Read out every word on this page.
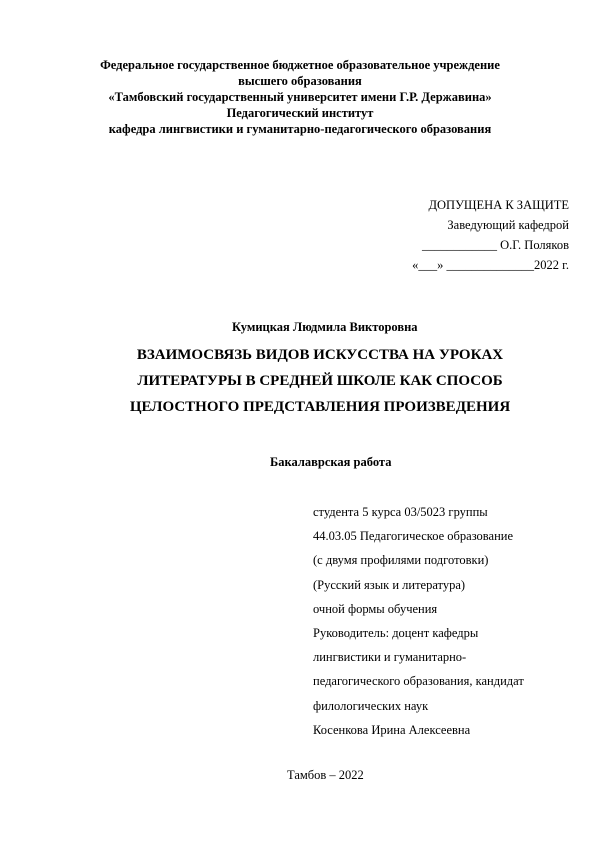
Федеральное государственное бюджетное образовательное учреждение
высшего образования
«Тамбовский государственный университет имени Г.Р. Державина»
Педагогический институт
кафедра лингвистики и гуманитарно-педагогического образования
ДОПУЩЕНА К ЗАЩИТЕ
Заведующий кафедрой
____________ О.Г. Поляков
«___» ______________2022 г.
Кумицкая Людмила Викторовна
ВЗАИМОСВЯЗЬ ВИДОВ ИСКУССТВА НА УРОКАХ
ЛИТЕРАТУРЫ В СРЕДНЕЙ ШКОЛЕ КАК СПОСОБ
ЦЕЛОСТНОГО ПРЕДСТАВЛЕНИЯ ПРОИЗВЕДЕНИЯ
Бакалаврская работа
студента 5 курса 03/5023 группы
44.03.05 Педагогическое образование
(с двумя профилями подготовки)
(Русский язык и литература)
очной формы обучения
Руководитель: доцент кафедры
лингвистики и гуманитарно-
педагогического образования, кандидат
филологических наук
Косенкова Ирина Алексеевна
Тамбов – 2022
